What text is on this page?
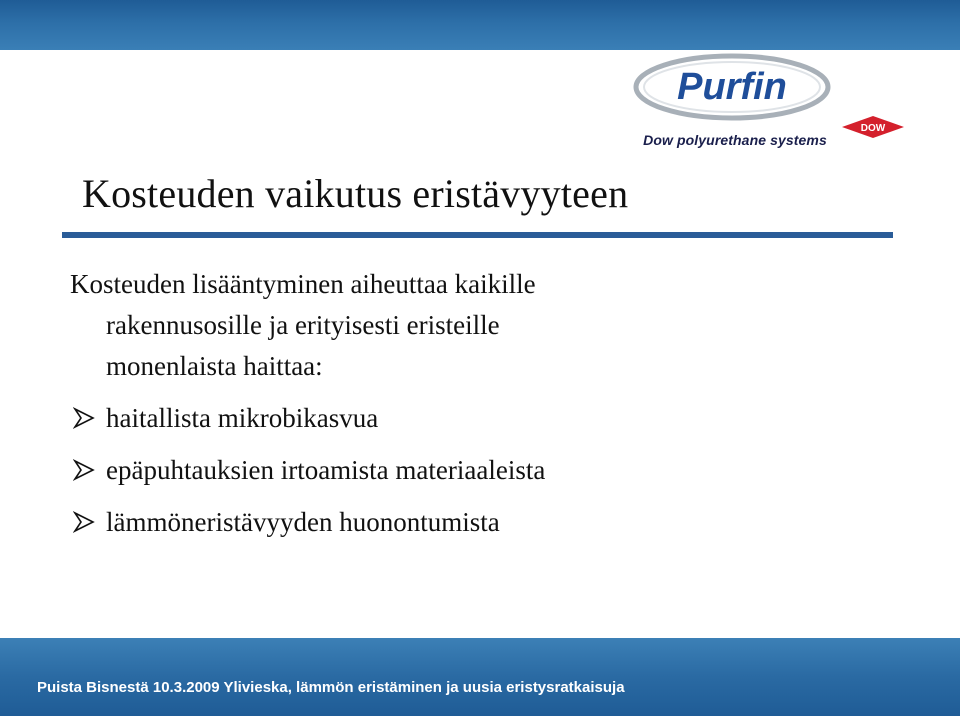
Purfin
Dow polyurethane systems
DOW
Kosteuden vaikutus eristävyyteen
Kosteuden lisääntyminen aiheuttaa kaikille
rakennusosille ja erityisesti eristeille
monenlaista haittaa:
haitallista mikrobikasvua
epäpuhtauksien irtoamista materiaaleista
lämmöneristävyyden huonontumista
Puista Bisnestä 10.3.2009 Ylivieska, lämmön eristäminen ja uusia eristysratkaisuja
